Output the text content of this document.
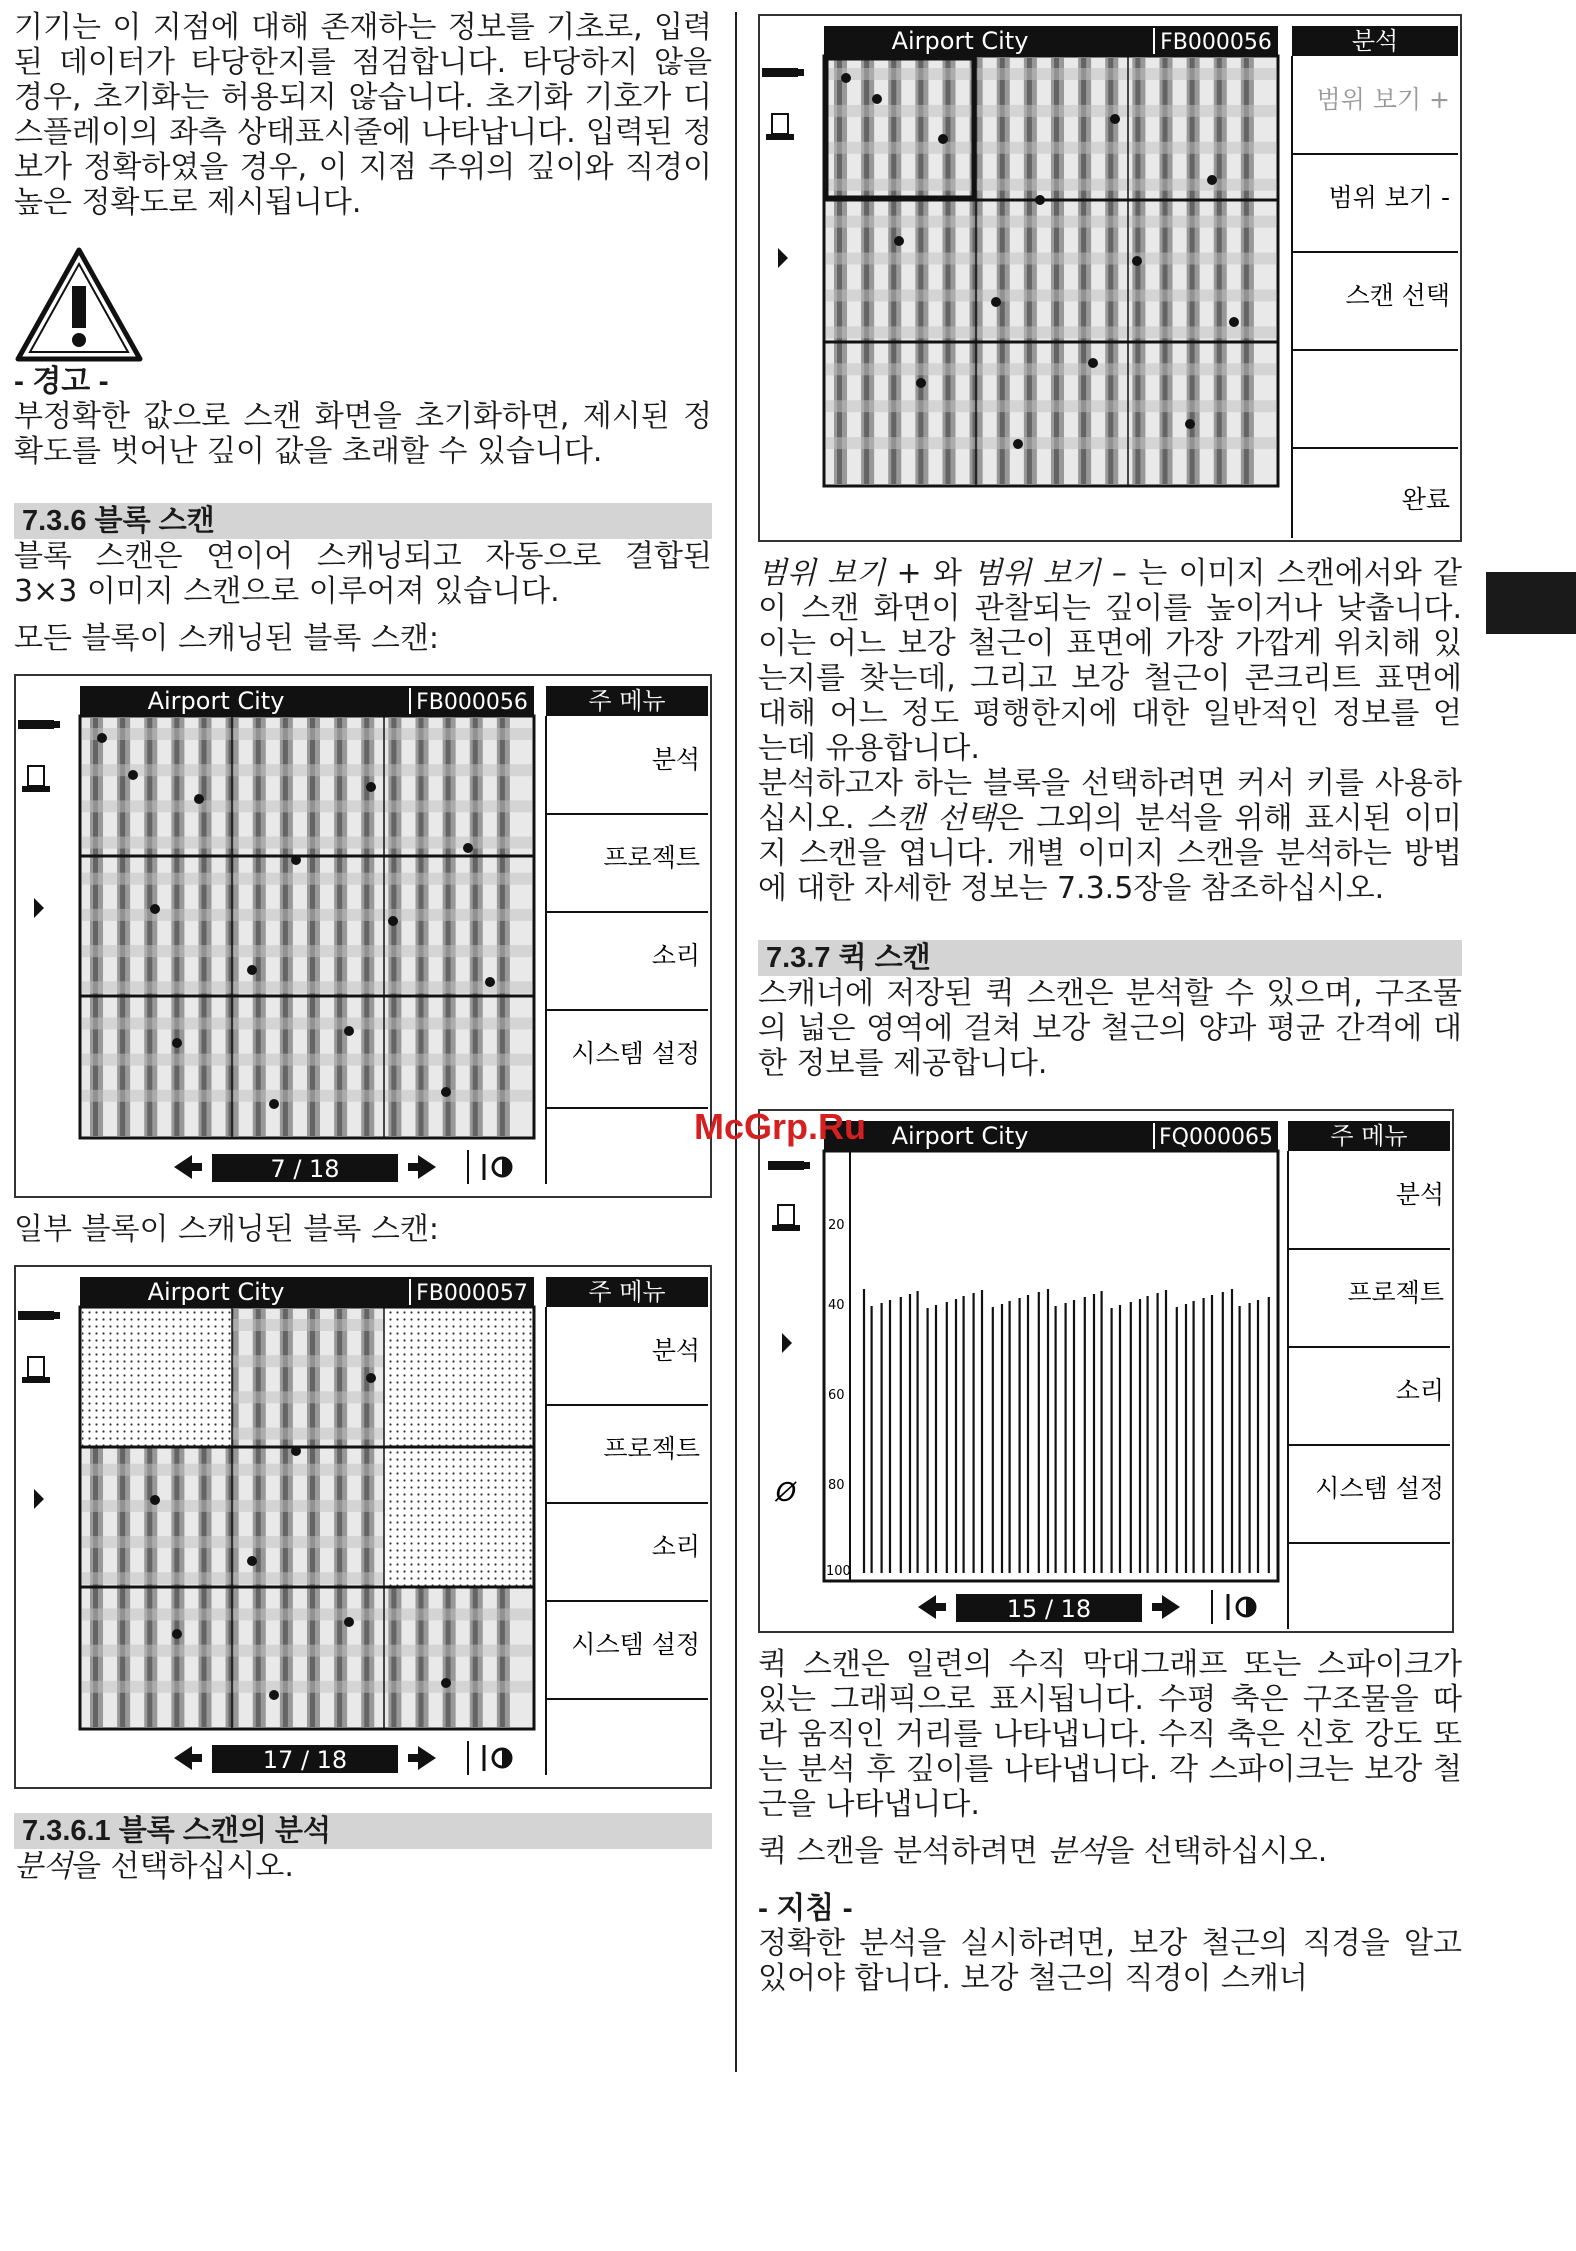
기기는 이 지점에 대해 존재하는 정보를 기초로, 입력된 데이터가 타당한지를 점검합니다. 타당하지 않을 경우, 초기화는 허용되지 않습니다. 초기화 기호가 디스플레이의 좌측 상태표시줄에 나타납니다. 입력된 정보가 정확하였을 경우, 이 지점 주위의 깊이와 직경이 높은 정확도로 제시됩니다.

- 경고 -

부정확한 값으로 스캔 화면을 초기화하면, 제시된 정확도를 벗어난 깊이 값을 초래할 수 있습니다.

7.3.6 블록 스캔

블록 스캔은 연이어 스캐닝되고 자동으로 결합된 3×3 이미지 스캔으로 이루어져 있습니다.

모든 블록이 스캐닝된 블록 스캔:

Airport City	FB000056	주 메뉴
분석
프로젝트
소리
시스템 설정
7 / 18

일부 블록이 스캐닝된 블록 스캔:

Airport City	FB000057	주 메뉴
분석
프로젝트
소리
시스템 설정
17 / 18
7.3.6.1 블록 스캔의 분석

분석을 선택하십시오.

Airport City	FB000056	분석
범위 보기 +
범위 보기 -
스캔 선택
완료

범위 보기 + 와 범위 보기 – 는 이미지 스캔에서와 같이 스캔 화면이 관찰되는 깊이를 높이거나 낮춥니다. 이는 어느 보강 철근이 표면에 가장 가깝게 위치해 있는지를 찾는데, 그리고 보강 철근이 콘크리트 표면에 대해 어느 정도 평행한지에 대한 일반적인 정보를 얻는데 유용합니다.

분석하고자 하는 블록을 선택하려면 커서 키를 사용하십시오. 스캔 선택은 그외의 분석을 위해 표시된 이미지 스캔을 엽니다. 개별 이미지 스캔을 분석하는 방법에 대한 자세한 정보는 7.3.5장을 참조하십시오.

7.3.7 퀵 스캔

스캐너에 저장된 퀵 스캔은 분석할 수 있으며, 구조물의 넓은 영역에 걸쳐 보강 철근의 양과 평균 간격에 대한 정보를 제공합니다.

Ø
Airport City	FQ000065
20
40
60
80
100
주 메뉴
분석
프로젝트
소리
시스템 설정
15 / 18

퀵 스캔은 일련의 수직 막대그래프 또는 스파이크가 있는 그래픽으로 표시됩니다. 수평 축은 구조물을 따라 움직인 거리를 나타냅니다. 수직 축은 신호 강도 또는 분석 후 깊이를 나타냅니다. 각 스파이크는 보강 철근을 나타냅니다.

퀵 스캔을 분석하려면 분석을 선택하십시오.

- 지침 -

정확한 분석을 실시하려면, 보강 철근의 직경을 알고 있어야 합니다. 보강 철근의 직경이 스캐너

McGrp.Ru
